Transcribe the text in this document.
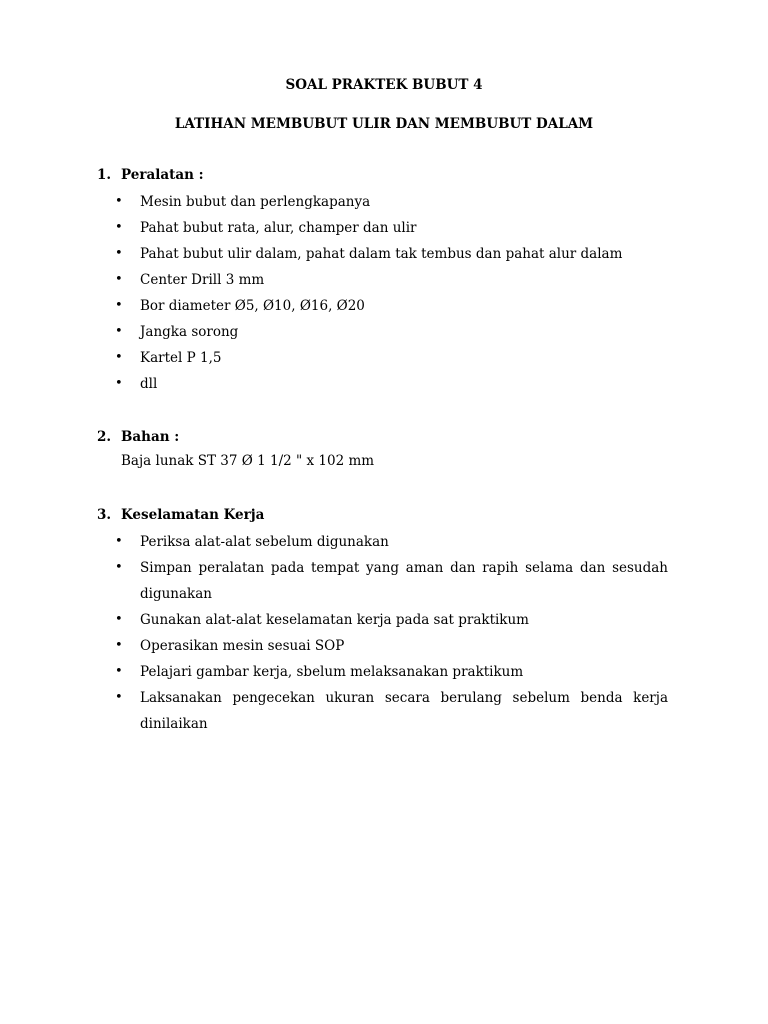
SOAL PRAKTEK BUBUT 4
LATIHAN MEMBUBUT ULIR DAN MEMBUBUT DALAM
1. Peralatan :
• Mesin bubut dan perlengkapanya
• Pahat bubut rata, alur, champer dan ulir
• Pahat bubut ulir dalam, pahat dalam tak tembus dan pahat alur dalam
• Center Drill 3 mm
• Bor diameter Ø5, Ø10, Ø16, Ø20
• Jangka sorong
• Kartel P 1,5
• dll
2. Bahan :
Baja lunak ST 37 Ø 1 1/2 " x 102 mm
3. Keselamatan Kerja
• Periksa alat-alat sebelum digunakan
• Simpan peralatan pada tempat yang aman dan rapih selama dan sesudah digunakan
• Gunakan alat-alat keselamatan kerja pada sat praktikum
• Operasikan mesin sesuai SOP
• Pelajari gambar kerja, sbelum melaksanakan praktikum
• Laksanakan pengecekan ukuran secara berulang sebelum benda kerja dinilaikan
